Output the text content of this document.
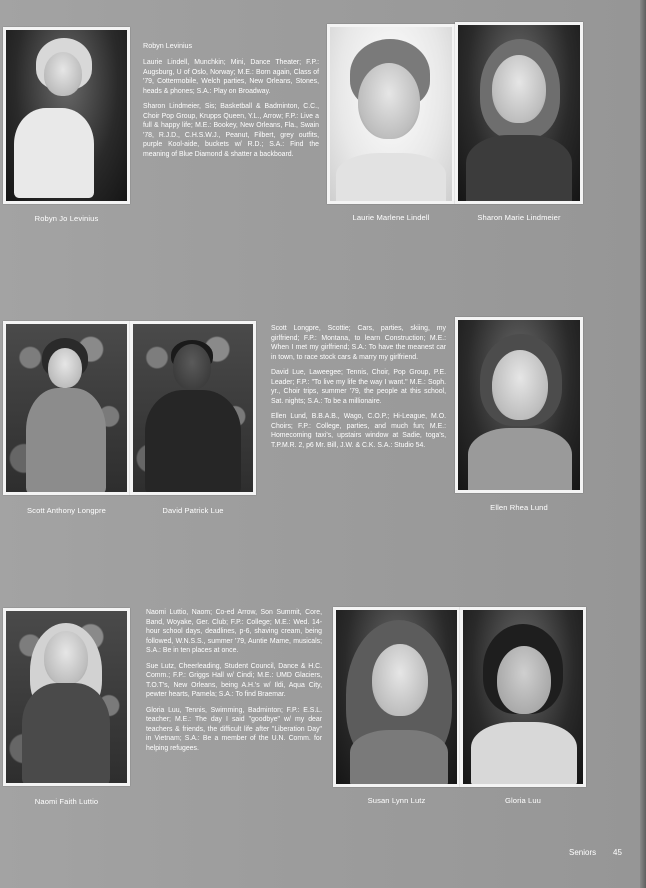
Robyn Levinius

Laurie Lindell, Munchkin; Mini, Dance Theater; F.P.: Augsburg, U of Oslo, Norway; M.E.: Born again, Class of '79, Cottermobile, Welch parties, New Orleans, Stones, heads & phones; S.A.: Play on Broadway.

Sharon Lindmeier, Sis; Basketball & Badminton, C.C., Choir Pop Group, Krupps Queen, Y.L., Arrow; F.P.: Live a full & happy life; M.E.: Bookey, New Orleans, Fla., Swain '78, R.J.D., C.H.S.W.J., Peanut, Filbert, grey outfits, purple Kool-aide, buckets w/ R.D.; S.A.: Find the meaning of Blue Diamond & shatter a backboard.

Robyn Jo Levinius	Laurie Marlene Lindell	Sharon Marie Lindmeier

Scott Longpre, Scottie; Cars, parties, skiing, my girlfriend; F.P.: Montana, to learn Construction; M.E.: When I met my girlfriend; S.A.: To have the meanest car in town, to race stock cars & marry my girlfriend.

David Lue, Laweegee; Tennis, Choir, Pop Group, P.E. Leader; F.P.: "To live my life the way I want." M.E.: Soph. yr., Choir trips, summer '79, the people at this school, Sat. nights; S.A.: To be a millionaire.

Ellen Lund, B.B.A.B., Wago, C.O.P.; Hi-League, M.O. Choirs; F.P.: College, parties, and much fun; M.E.: Homecoming taxi's, upstairs window at Sadie, toga's, T.P.M.R. 2, p6 Mr. Bill, J.W. & C.K. S.A.: Studio 54.

Scott Anthony Longpre	David Patrick Lue	Ellen Rhea Lund

Naomi Luttio, Naom; Co-ed Arrow, Son Summit, Core, Band, Woyake, Ger. Club; F.P.: College; M.E.: Wed. 14-hour school days, deadlines, p-6, shaving cream, being followed, W.N.S.S., summer '79, Auntie Mame, musicals; S.A.: Be in ten places at once.

Sue Lutz, Cheerleading, Student Council, Dance & H.C. Comm.; F.P.: Griggs Hall w/ Cindi; M.E.: UMD Glaciers, T.O.T's, New Orleans, being A.H.'s w/ Ildi, Aqua City, pewter hearts, Pamela; S.A.: To find Braemar.

Gloria Luu, Tennis, Swimming, Badminton; F.P.: E.S.L. teacher; M.E.: The day I said "goodbye" w/ my dear teachers & friends, the difficult life after "Liberation Day" in Vietnam; S.A.: Be a member of the U.N. Comm. for helping refugees.

Naomi Faith Luttio	Susan Lynn Lutz	Gloria Luu
Seniors 45
